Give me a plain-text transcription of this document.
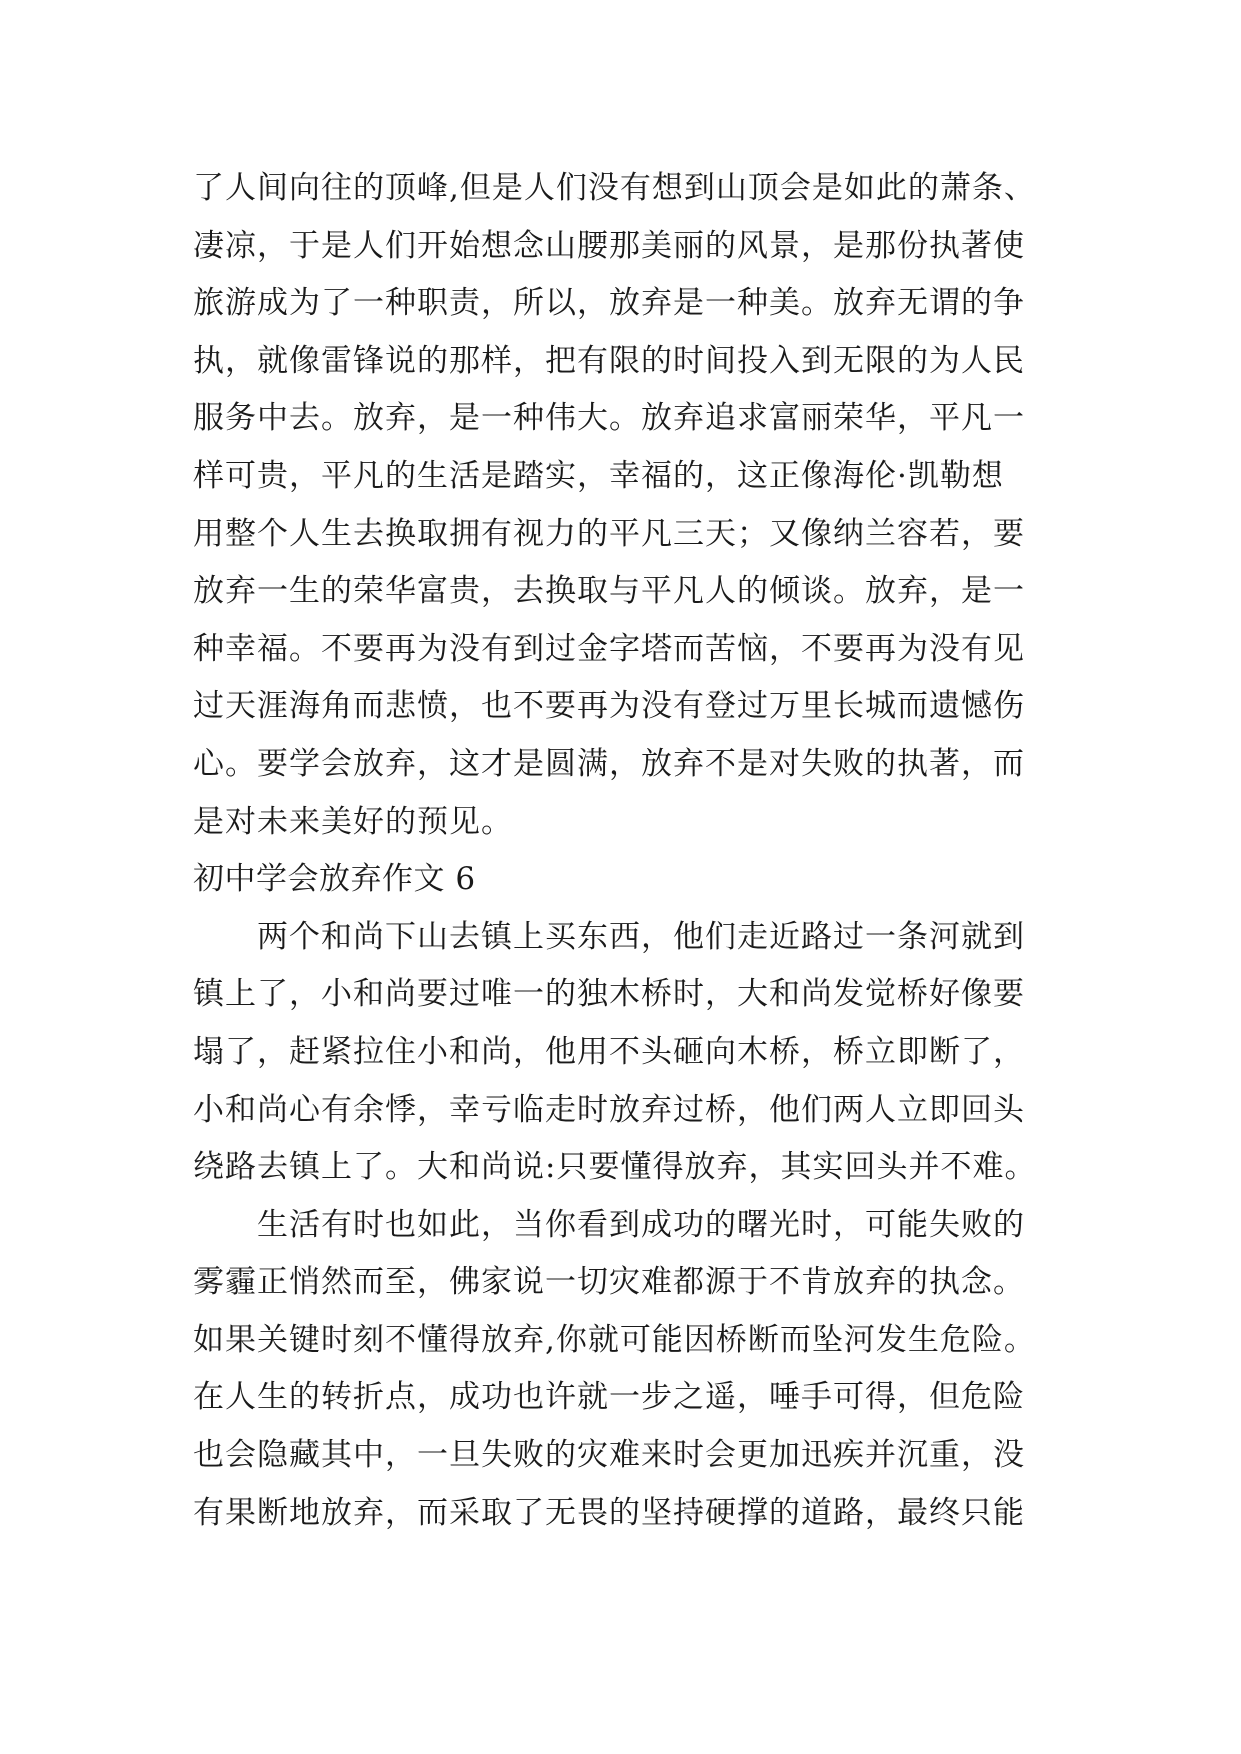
了人间向往的顶峰,但是人们没有想到山顶会是如此的萧条、
凄凉，于是人们开始想念山腰那美丽的风景，是那份执著使
旅游成为了一种职责，所以，放弃是一种美。放弃无谓的争
执，就像雷锋说的那样，把有限的时间投入到无限的为人民
服务中去。放弃，是一种伟大。放弃追求富丽荣华，平凡一
样可贵，平凡的生活是踏实，幸福的，这正像海伦·凯勒想
用整个人生去换取拥有视力的平凡三天；又像纳兰容若，要
放弃一生的荣华富贵，去换取与平凡人的倾谈。放弃，是一
种幸福。不要再为没有到过金字塔而苦恼，不要再为没有见
过天涯海角而悲愤，也不要再为没有登过万里长城而遗憾伤
心。要学会放弃，这才是圆满，放弃不是对失败的执著，而
是对未来美好的预见。
初中学会放弃作文 6
　　两个和尚下山去镇上买东西，他们走近路过一条河就到
镇上了，小和尚要过唯一的独木桥时，大和尚发觉桥好像要
塌了，赶紧拉住小和尚，他用不头砸向木桥，桥立即断了，
小和尚心有余悸，幸亏临走时放弃过桥，他们两人立即回头
绕路去镇上了。大和尚说:只要懂得放弃，其实回头并不难。
　　生活有时也如此，当你看到成功的曙光时，可能失败的
雾霾正悄然而至，佛家说一切灾难都源于不肯放弃的执念。
如果关键时刻不懂得放弃,你就可能因桥断而坠河发生危险。
在人生的转折点，成功也许就一步之遥，唾手可得，但危险
也会隐藏其中，一旦失败的灾难来时会更加迅疾并沉重，没
有果断地放弃，而采取了无畏的坚持硬撑的道路，最终只能
